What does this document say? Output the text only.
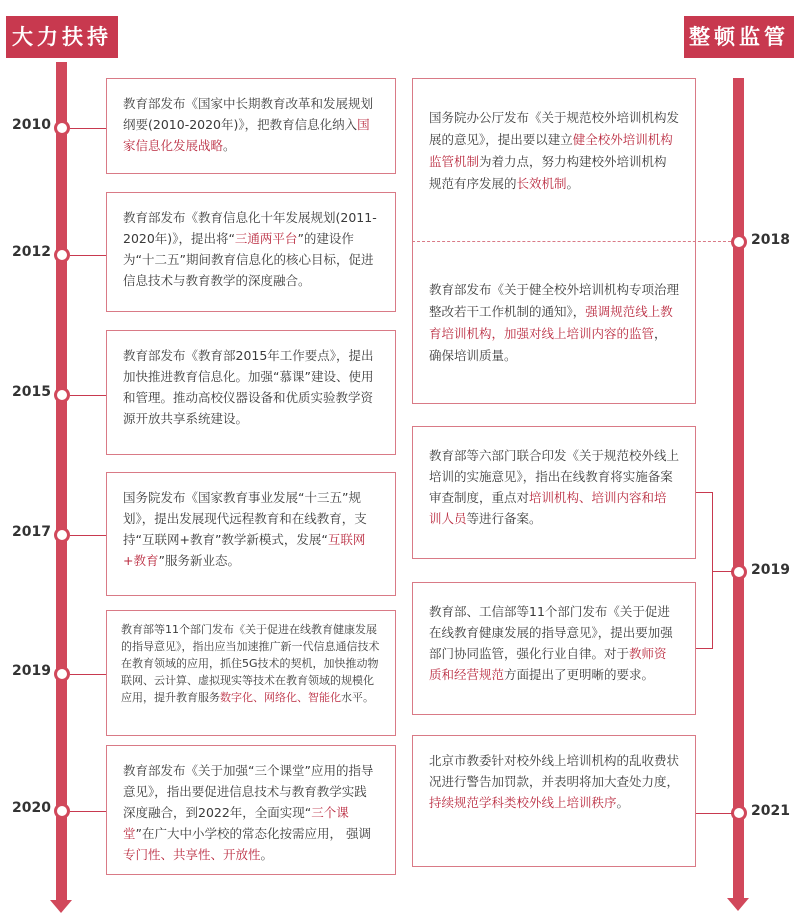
大力扶持	整顿监管
2010
2012
2015
2017
2019
2020
教育部发布《国家中长期教育改革和发展规划纲要(2010-2020年)》，把教育信息化纳入国家信息化发展战略。
教育部发布《教育信息化十年发展规划(2011-2020年)》，提出将“三通两平台”的建设作为“十二五”期间教育信息化的核心目标，促进信息技术与教育教学的深度融合。
教育部发布《教育部2015年工作要点》，提出加快推进教育信息化。加强“慕课”建设、使用和管理。推动高校仪器设备和优质实验教学资源开放共享系统建设。
国务院发布《国家教育事业发展“十三五”规划》，提出发展现代远程教育和在线教育，支持“互联网+教育”教学新模式，发展“互联网+教育”服务新业态。
教育部等11个部门发布《关于促进在线教育健康发展的指导意见》，指出应当加速推广新一代信息通信技术在教育领域的应用，抓住5G技术的契机，加快推动物联网、云计算、虚拟现实等技术在教育领域的规模化应用，提升教育服务数字化、网络化、智能化水平。
教育部发布《关于加强“三个课堂”应用的指导意见》，指出要促进信息技术与教育教学实践深度融合，到2022年，全面实现“三个课堂”在广大中小学校的常态化按需应用， 强调专门性、共享性、开放性。
2018
2019
2021
国务院办公厅发布《关于规范校外培训机构发展的意见》，提出要以建立健全校外培训机构监管机制为着力点，努力构建校外培训机构规范有序发展的长效机制。
教育部发布《关于健全校外培训机构专项治理整改若干工作机制的通知》，强调规范线上教育培训机构，加强对线上培训内容的监管，确保培训质量。
教育部等六部门联合印发《关于规范校外线上培训的实施意见》，指出在线教育将实施备案审查制度，重点对培训机构、培训内容和培训人员等进行备案。
教育部、工信部等11个部门发布《关于促进在线教育健康发展的指导意见》，提出要加强部门协同监管，强化行业自律。对于教师资质和经营规范方面提出了更明晰的要求。
北京市教委针对校外线上培训机构的乱收费状况进行警告加罚款，并表明将加大查处力度，持续规范学科类校外线上培训秩序。
